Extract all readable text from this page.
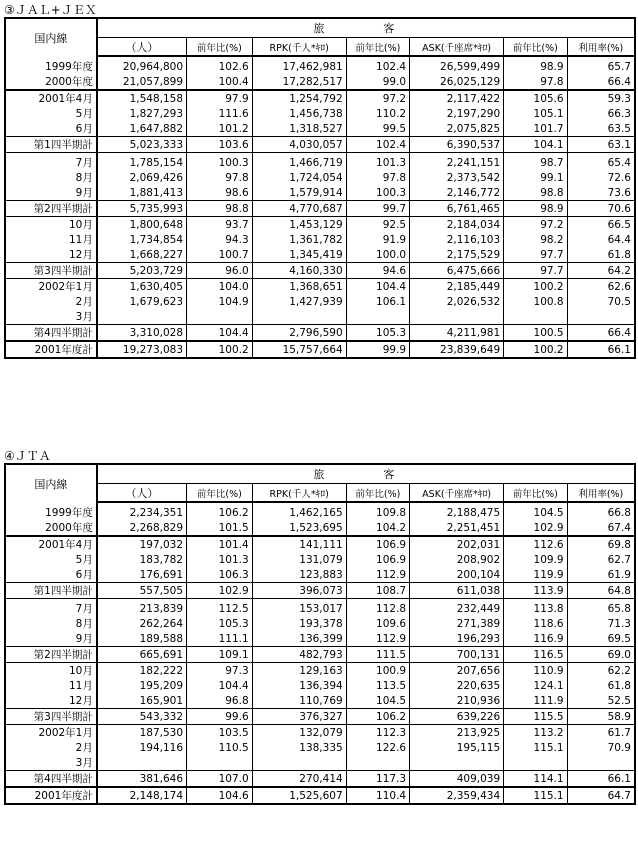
③ＪＡＬ+ＪＥＸ
国内線	旅　客						
	（人）	前年比(%)	RPK(千人*ｷﾛ)	前年比(%)	ASK(千座席*ｷﾛ)	前年比(%)	利用率(%)
1999年度	20,964,800	102.6	17,462,981	102.4	26,599,499	98.9	65.7
2000年度	21,057,899	100.4	17,282,517	99.0	26,025,129	97.8	66.4
2001年4月	1,548,158	97.9	1,254,792	97.2	2,117,422	105.6	59.3
5月	1,827,293	111.6	1,456,738	110.2	2,197,290	105.1	66.3
6月	1,647,882	101.2	1,318,527	99.5	2,075,825	101.7	63.5
第1四半期計	5,023,333	103.6	4,030,057	102.4	6,390,537	104.1	63.1
7月	1,785,154	100.3	1,466,719	101.3	2,241,151	98.7	65.4
8月	2,069,426	97.8	1,724,054	97.8	2,373,542	99.1	72.6
9月	1,881,413	98.6	1,579,914	100.3	2,146,772	98.8	73.6
第2四半期計	5,735,993	98.8	4,770,687	99.7	6,761,465	98.9	70.6
10月	1,800,648	93.7	1,453,129	92.5	2,184,034	97.2	66.5
11月	1,734,854	94.3	1,361,782	91.9	2,116,103	98.2	64.4
12月	1,668,227	100.7	1,345,419	100.0	2,175,529	97.7	61.8
第3四半期計	5,203,729	96.0	4,160,330	94.6	6,475,666	97.7	64.2
2002年1月	1,630,405	104.0	1,368,651	104.4	2,185,449	100.2	62.6
2月	1,679,623	104.9	1,427,939	106.1	2,026,532	100.8	70.5
3月							
第4四半期計	3,310,028	104.4	2,796,590	105.3	4,211,981	100.5	66.4
2001年度計	19,273,083	100.2	15,757,664	99.9	23,839,649	100.2	66.1
④ＪＴＡ
国内線	旅　客						
	（人）	前年比(%)	RPK(千人*ｷﾛ)	前年比(%)	ASK(千座席*ｷﾛ)	前年比(%)	利用率(%)
1999年度	2,234,351	106.2	1,462,165	109.8	2,188,475	104.5	66.8
2000年度	2,268,829	101.5	1,523,695	104.2	2,251,451	102.9	67.4
2001年4月	197,032	101.4	141,111	106.9	202,031	112.6	69.8
5月	183,782	101.3	131,079	106.9	208,902	109.9	62.7
6月	176,691	106.3	123,883	112.9	200,104	119.9	61.9
第1四半期計	557,505	102.9	396,073	108.7	611,038	113.9	64.8
7月	213,839	112.5	153,017	112.8	232,449	113.8	65.8
8月	262,264	105.3	193,378	109.6	271,389	118.6	71.3
9月	189,588	111.1	136,399	112.9	196,293	116.9	69.5
第2四半期計	665,691	109.1	482,793	111.5	700,131	116.5	69.0
10月	182,222	97.3	129,163	100.9	207,656	110.9	62.2
11月	195,209	104.4	136,394	113.5	220,635	124.1	61.8
12月	165,901	96.8	110,769	104.5	210,936	111.9	52.5
第3四半期計	543,332	99.6	376,327	106.2	639,226	115.5	58.9
2002年1月	187,530	103.5	132,079	112.3	213,925	113.2	61.7
2月	194,116	110.5	138,335	122.6	195,115	115.1	70.9
3月							
第4四半期計	381,646	107.0	270,414	117.3	409,039	114.1	66.1
2001年度計	2,148,174	104.6	1,525,607	110.4	2,359,434	115.1	64.7
